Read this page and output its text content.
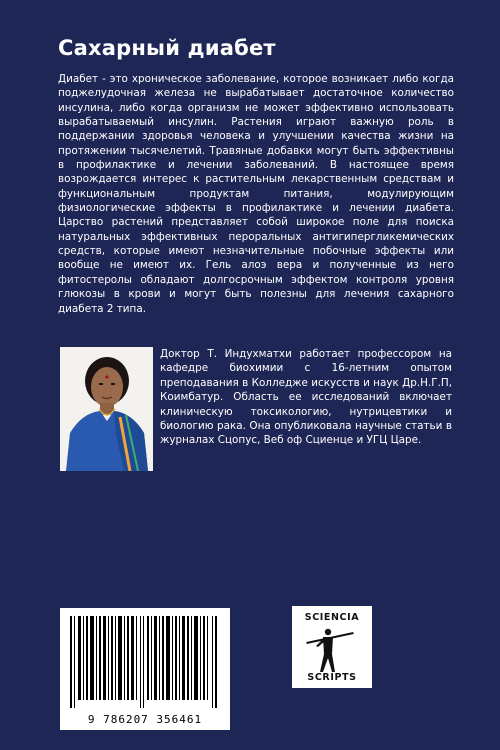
Сахарный диабет

Диабет - это хроническое заболевание, которое возникает либо когда поджелудочная железа не вырабатывает достаточное количество инсулина, либо когда организм не может эффективно использовать вырабатываемый инсулин. Растения играют важную роль в поддержании здоровья человека и улучшении качества жизни на протяжении тысячелетий. Травяные добавки могут быть эффективны в профилактике и лечении заболеваний. В настоящее время возрождается интерес к растительным лекарственным средствам и функциональным продуктам питания, модулирующим физиологические эффекты в профилактике и лечении диабета. Царство растений представляет собой широкое поле для поиска натуральных эффективных пероральных антигипергликемических средств, которые имеют незначительные побочные эффекты или вообще не имеют их. Гель алоэ вера и полученные из него фитостеролы обладают долгосрочным эффектом контроля уровня глюкозы в крови и могут быть полезны для лечения сахарного диабета 2 типа.

Доктор Т. Индухматхи работает профессором на кафедре биохимии с 16-летним опытом преподавания в Колледже искусств и наук Др.Н.Г.П, Коимбатур. Область ее исследований включает клиническую токсикологию, нутрицевтики и биологию рака. Она опубликовала научные статьи в журналах Сцопус, Веб оф Сциенце и УГЦ Царе.

9 786207 356461
SCIENCIA
SCRIPTS
